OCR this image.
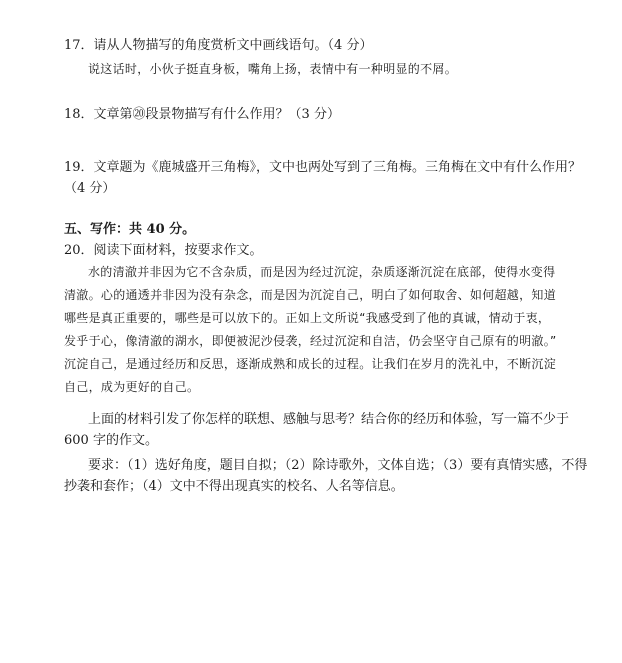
17．请从人物描写的角度赏析文中画线语句。（4 分）
说这话时，小伙子挺直身板，嘴角上扬，表情中有一种明显的不屑。
18．文章第⑳段景物描写有什么作用？（3 分）
19．文章题为《鹿城盛开三角梅》，文中也两处写到了三角梅。三角梅在文中有什么作用？
（4 分）
五、写作：共 40 分。
20．阅读下面材料，按要求作文。
水的清澈并非因为它不含杂质，而是因为经过沉淀，杂质逐渐沉淀在底部，使得水变得
清澈。心的通透并非因为没有杂念，而是因为沉淀自己，明白了如何取舍、如何超越，知道
哪些是真正重要的，哪些是可以放下的。正如上文所说“我感受到了他的真诚，情动于衷，
发乎于心，像清澈的湖水，即便被泥沙侵袭，经过沉淀和自洁，仍会坚守自己原有的明澈。”
沉淀自己，是通过经历和反思，逐渐成熟和成长的过程。让我们在岁月的洗礼中，不断沉淀
自己，成为更好的自己。
上面的材料引发了你怎样的联想、感触与思考？结合你的经历和体验，写一篇不少于
600 字的作文。
要求：（1）选好角度，题目自拟；（2）除诗歌外，文体自选；（3）要有真情实感，不得
抄袭和套作；（4）文中不得出现真实的校名、人名等信息。
